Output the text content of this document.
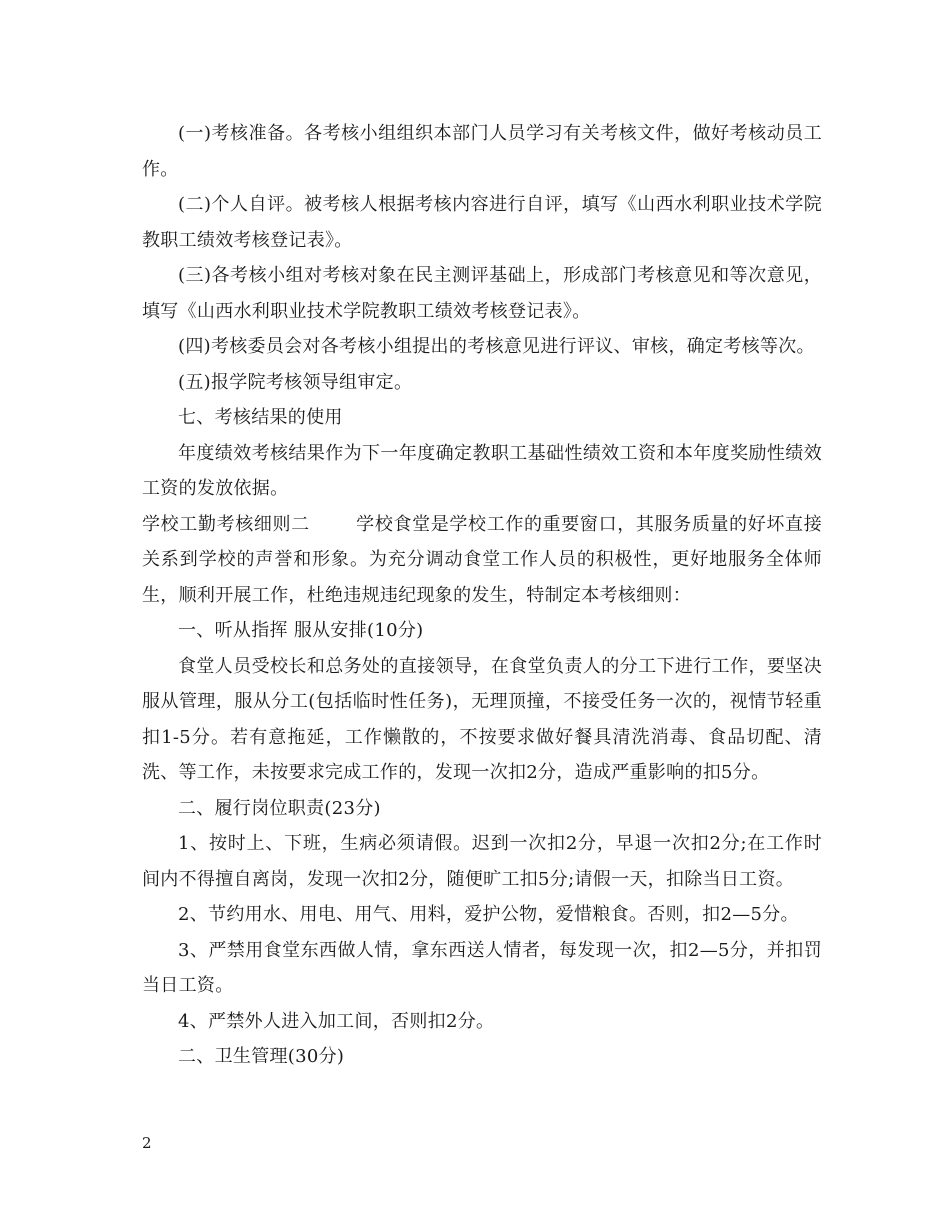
(一)考核准备。各考核小组组织本部门人员学习有关考核文件，做好考核动员工作。

(二)个人自评。被考核人根据考核内容进行自评，填写《山西水利职业技术学院教职工绩效考核登记表》。

(三)各考核小组对考核对象在民主测评基础上，形成部门考核意见和等次意见，填写《山西水利职业技术学院教职工绩效考核登记表》。

(四)考核委员会对各考核小组提出的考核意见进行评议、审核，确定考核等次。

(五)报学院考核领导组审定。

七、考核结果的使用

年度绩效考核结果作为下一年度确定教职工基础性绩效工资和本年度奖励性绩效工资的发放依据。

学校工勤考核细则二	学校食堂是学校工作的重要窗口，其服务质量的好坏直接关系到学校的声誉和形象。为充分调动食堂工作人员的积极性，更好地服务全体师生，顺利开展工作，杜绝违规违纪现象的发生，特制定本考核细则：

一、听从指挥 服从安排(10分)

食堂人员受校长和总务处的直接领导，在食堂负责人的分工下进行工作，要坚决服从管理，服从分工(包括临时性任务)，无理顶撞，不接受任务一次的，视情节轻重扣1-5分。若有意拖延，工作懒散的，不按要求做好餐具清洗消毒、食品切配、清洗、等工作，未按要求完成工作的，发现一次扣2分，造成严重影响的扣5分。

二、履行岗位职责(23分)

1、按时上、下班，生病必须请假。迟到一次扣2分，早退一次扣2分;在工作时间内不得擅自离岗，发现一次扣2分，随便旷工扣5分;请假一天，扣除当日工资。

2、节约用水、用电、用气、用料，爱护公物，爱惜粮食。否则，扣2—5分。

3、严禁用食堂东西做人情，拿东西送人情者，每发现一次，扣2—5分，并扣罚当日工资。

4、严禁外人进入加工间，否则扣2分。

二、卫生管理(30分)

2
